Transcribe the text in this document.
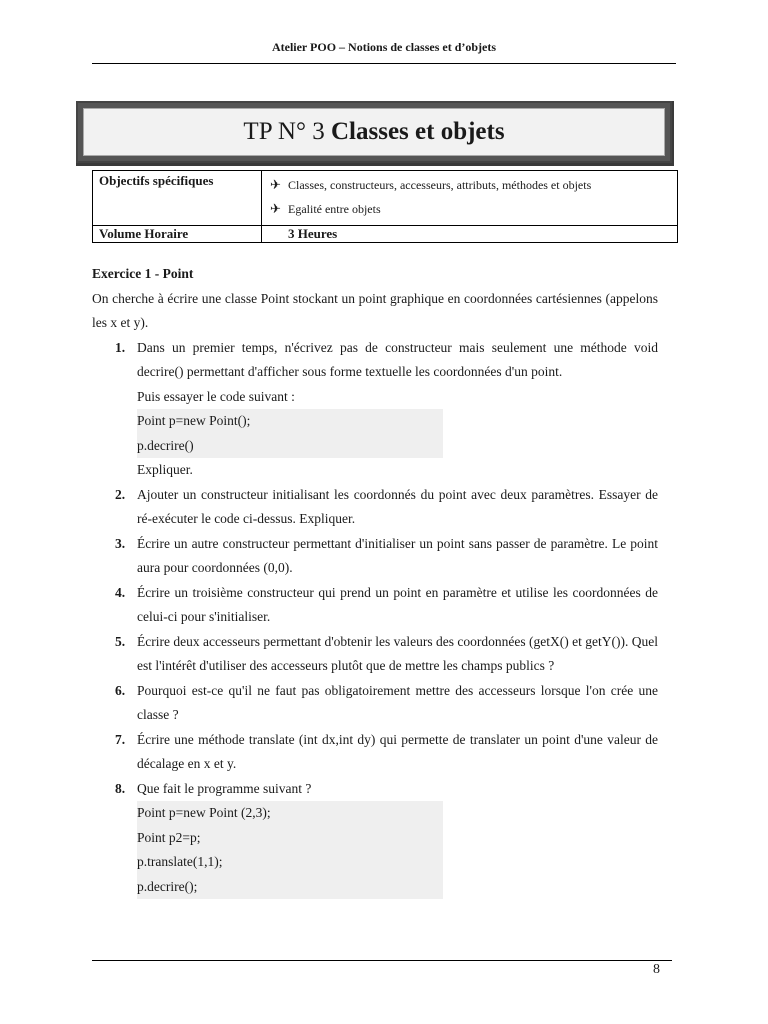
Atelier POO – Notions de classes et d’objets
TP N° 3 Classes et objets
Objectifs spécifiques	✈ Classes, constructeurs, accesseurs, attributs, méthodes et objets
✈ Egalité entre objets

Volume Horaire	3 Heures
Exercice 1 - Point
On cherche à écrire une classe Point stockant un point graphique en coordonnées cartésiennes (appelons les x et y).
1. Dans un premier temps, n'écrivez pas de constructeur mais seulement une méthode void decrire() permettant d'afficher sous forme textuelle les coordonnées d'un point.
Puis essayer le code suivant :
Point p=new Point();
p.decrire()
Expliquer.
2. Ajouter un constructeur initialisant les coordonnés du point avec deux paramètres. Essayer de ré-exécuter le code ci-dessus. Expliquer.
3. Écrire un autre constructeur permettant d'initialiser un point sans passer de paramètre. Le point aura pour coordonnées (0,0).
4. Écrire un troisième constructeur qui prend un point en paramètre et utilise les coordonnées de celui-ci pour s'initialiser.
5. Écrire deux accesseurs permettant d'obtenir les valeurs des coordonnées (getX() et getY()). Quel est l'intérêt d'utiliser des accesseurs plutôt que de mettre les champs publics ?
6. Pourquoi est-ce qu'il ne faut pas obligatoirement mettre des accesseurs lorsque l'on crée une classe ?
7. Écrire une méthode translate (int dx,int dy) qui permette de translater un point d'une valeur de décalage en x et y.
8. Que fait le programme suivant ?
Point p=new Point (2,3);
Point p2=p;
p.translate(1,1);
p.decrire();
8
